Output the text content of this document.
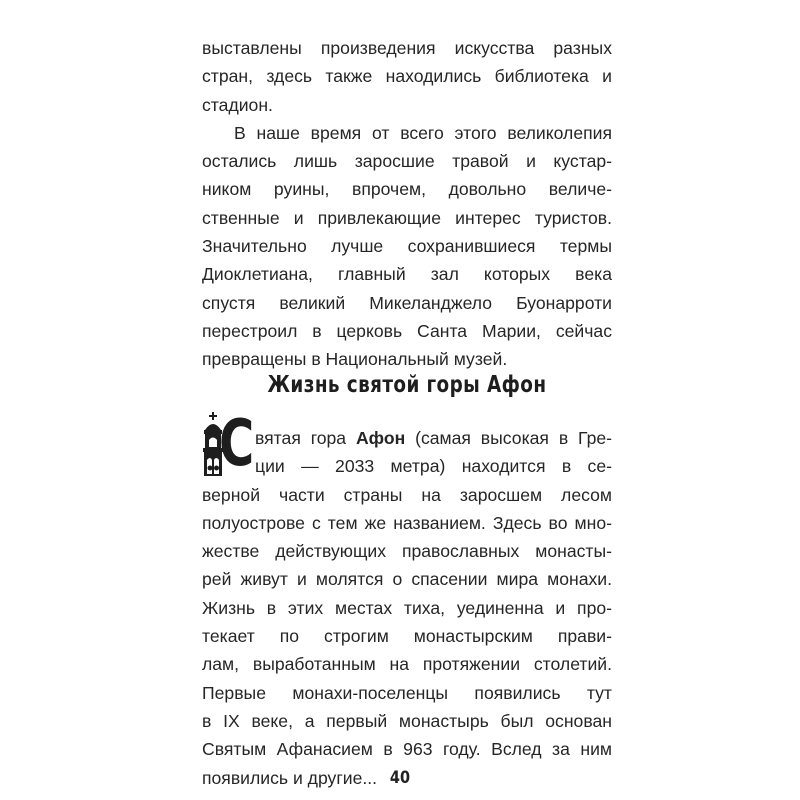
выставлены произведения искусства разных
стран, здесь также находились библиотека и
стадион.
В наше время от всего этого великолепия
остались лишь заросшие травой и кустар-
ником руины, впрочем, довольно величе-
ственные и привлекающие интерес туристов.
Значительно лучше сохранившиеся термы
Диоклетиана, главный зал которых века
спустя великий Микеланджело Буонарроти
перестроил в церковь Санта Марии, сейчас
превращены в Национальный музей.
Жизнь святой горы Афон
С вятая гора Афон (самая высокая в Гре-
ции — 2033 метра) находится в се-
верной части страны на заросшем лесом
полуострове с тем же названием. Здесь во мно-
жестве действующих православных монасты-
рей живут и молятся о спасении мира монахи.
Жизнь в этих местах тиха, уединенна и про-
текает по строгим монастырским прави-
лам, выработанным на протяжении столетий.
Первые монахи-поселенцы появились тут
в IX веке, а первый монастырь был основан
Святым Афанасием в 963 году. Вслед за ним
появились и другие... 40
